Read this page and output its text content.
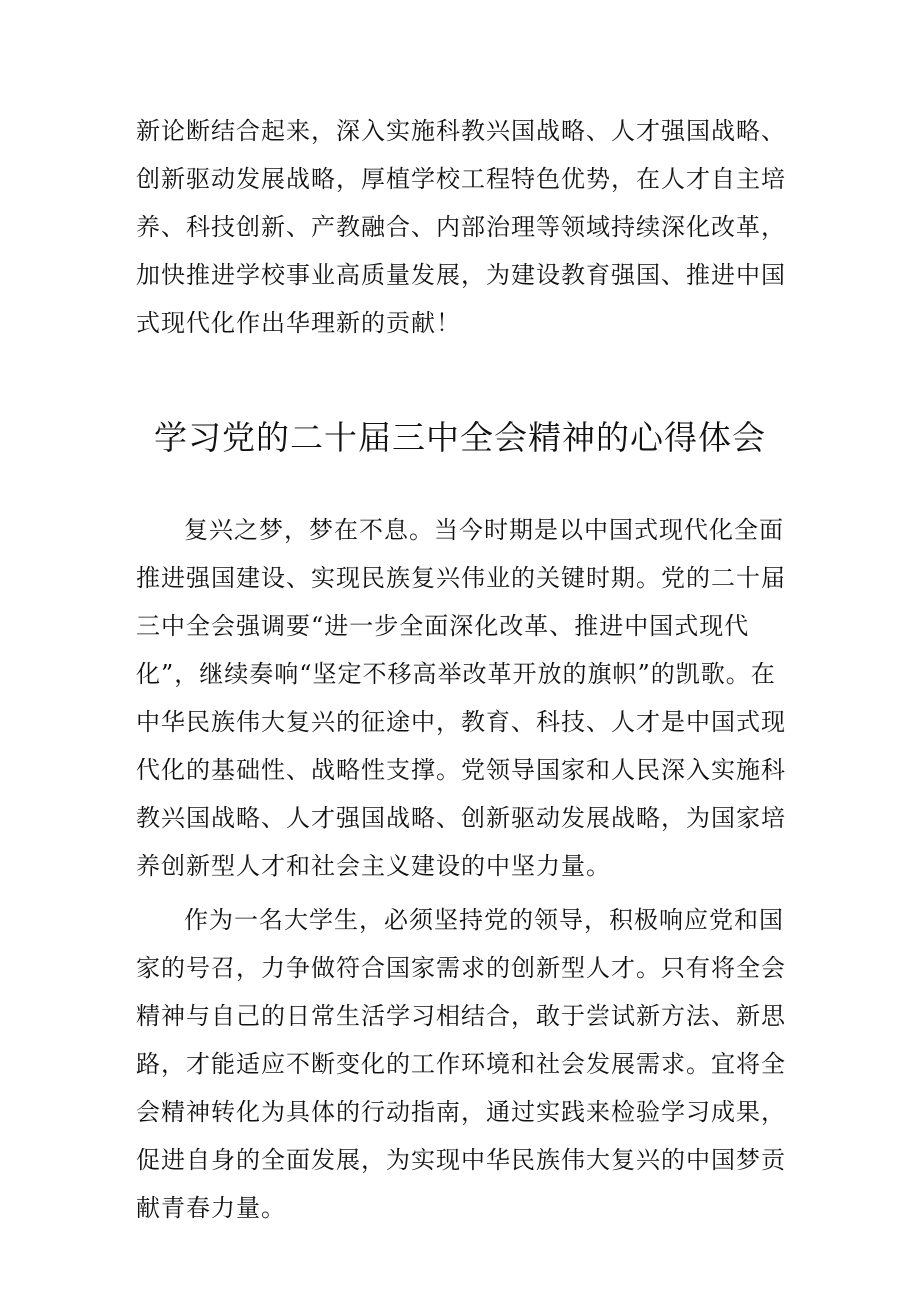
新论断结合起来，深入实施科教兴国战略、人才强国战略、创新驱动发展战略，厚植学校工程特色优势，在人才自主培养、科技创新、产教融合、内部治理等领域持续深化改革，加快推进学校事业高质量发展，为建设教育强国、推进中国式现代化作出华理新的贡献！
学习党的二十届三中全会精神的心得体会

复兴之梦，梦在不息。当今时期是以中国式现代化全面推进强国建设、实现民族复兴伟业的关键时期。党的二十届三中全会强调要“进一步全面深化改革、推进中国式现代化”，继续奏响“坚定不移高举改革开放的旗帜”的凯歌。在中华民族伟大复兴的征途中，教育、科技、人才是中国式现代化的基础性、战略性支撑。党领导国家和人民深入实施科教兴国战略、人才强国战略、创新驱动发展战略，为国家培养创新型人才和社会主义建设的中坚力量。

作为一名大学生，必须坚持党的领导，积极响应党和国家的号召，力争做符合国家需求的创新型人才。只有将全会精神与自己的日常生活学习相结合，敢于尝试新方法、新思路，才能适应不断变化的工作环境和社会发展需求。宜将全会精神转化为具体的行动指南，通过实践来检验学习成果，促进自身的全面发展，为实现中华民族伟大复兴的中国梦贡献青春力量。
